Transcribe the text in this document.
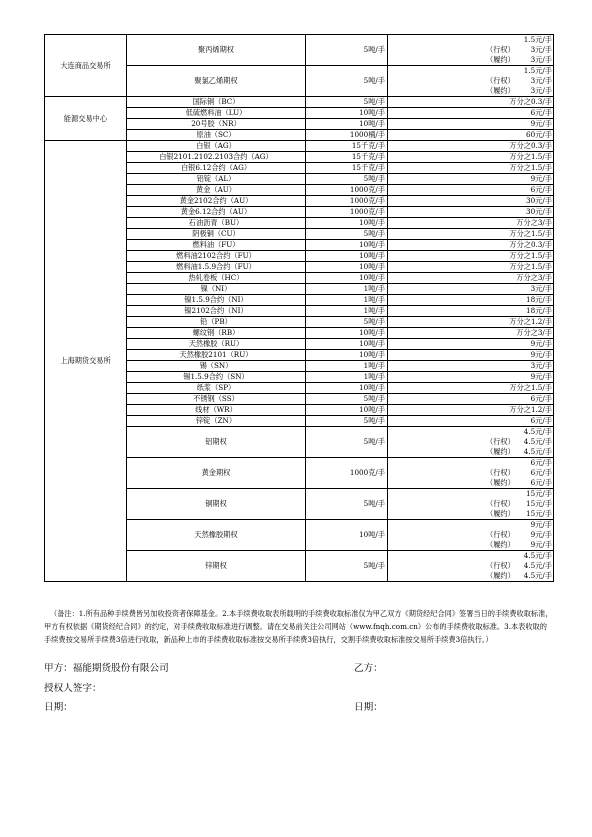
大连商品交易所	聚丙烯期权	5吨/手	1.5元/手
（行权） 3元/手
（履约） 3元/手

	聚氯乙烯期权	5吨/手	1.5元/手
（行权） 3元/手
（履约） 3元/手

能源交易中心	国际铜（BC）	5吨/手	万分之0.3/手
	低硫燃料油（LU）	10吨/手	6元/手
	20号胶（NR）	10吨/手	9元/手
	原油（SC）	1000桶/手	60元/手
上海期货交易所	白银（AG）	15千克/手	万分之0.3/手
	白银2101.2102.2103合约（AG）	15千克/手	万分之1.5/手
	白银6.12合约（AG）	15千克/手	万分之1.5/手
	铝锭（AL）	5吨/手	9元/手
	黄金（AU）	1000克/手	6元/手
	黄金2102合约（AU）	1000克/手	30元/手
	黄金6.12合约（AU）	1000克/手	30元/手
	石油沥青（BU）	10吨/手	万分之3/手
	阴极铜（CU）	5吨/手	万分之1.5/手
	燃料油（FU）	10吨/手	万分之0.3/手
	燃料油2102合约（FU）	10吨/手	万分之1.5/手
	燃料油1.5.9合约（FU）	10吨/手	万分之1.5/手
	热轧卷板（HC）	10吨/手	万分之3/手
	镍（NI）	1吨/手	3元/手
	镍1.5.9合约（NI）	1吨/手	18元/手
	镍2102合约（NI）	1吨/手	18元/手
	铅（PB）	5吨/手	万分之1.2/手
	螺纹钢（RB）	10吨/手	万分之3/手
	天然橡胶（RU）	10吨/手	9元/手
	天然橡胶2101（RU）	10吨/手	9元/手
	锡（SN）	1吨/手	3元/手
	锡1.5.9合约（SN）	1吨/手	9元/手
	纸浆（SP）	10吨/手	万分之1.5/手
	不锈钢（SS）	5吨/手	6元/手
	线材（WR）	10吨/手	万分之1.2/手
	锌锭（ZN）	5吨/手	6元/手
	铝期权	5吨/手	4.5元/手
（行权） 4.5元/手
（履约） 4.5元/手

	黄金期权	1000克/手	6元/手
（行权） 6元/手
（履约） 6元/手

	铜期权	5吨/手	15元/手
（行权） 15元/手
（履约） 15元/手

	天然橡胶期权	10吨/手	9元/手
（行权） 9元/手
（履约） 9元/手

	锌期权	5吨/手	4.5元/手
（行权） 4.5元/手
（履约） 4.5元/手
（备注：1.所有品种手续费皆另加收投资者保障基金。2.本手续费收取表所载明的手续费收取标准仅为甲乙双方《期货经纪合同》签署当日的手续费收取标准，甲方有权依据《期货经纪合同》的约定，对手续费收取标准进行调整。请在交易前关注公司网站（www.fnqh.com.cn）公布的手续费收取标准。3.本表收取的手续费按交易所手续费3倍进行收取，新品种上市的手续费收取标准按交易所手续费3倍执行，交割手续费收取标准按交易所手续费3倍执行。）
甲方：福能期货股份有限公司	乙方：
授权人签字：
日期：	日期：
